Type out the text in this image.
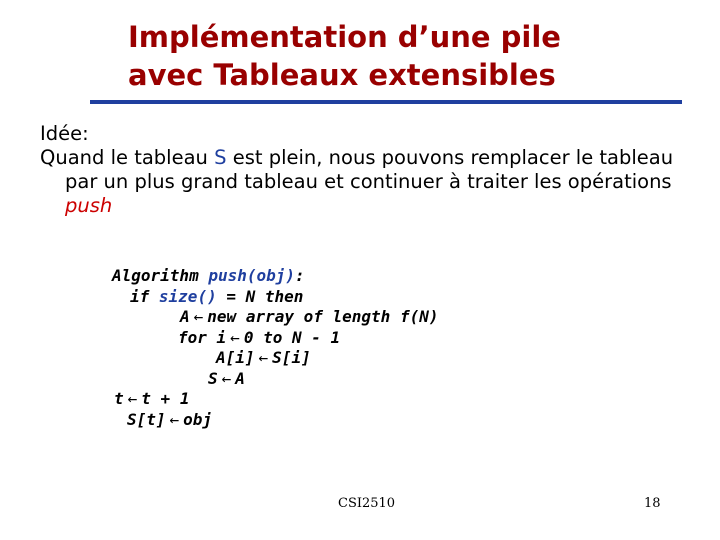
Implémentation d’une pile
avec Tableaux extensibles

Idée:

Quand le tableau S est plein, nous pouvons remplacer le tableau par un plus grand tableau et continuer à traiter les opérations push

Algorithm push(obj):
if size() = N then
A ← new array of length f(N)
for i ← 0 to N - 1
A[i] ← S[i]
S ← A
t ← t + 1
S[t] ← obj
CSI2510	18
